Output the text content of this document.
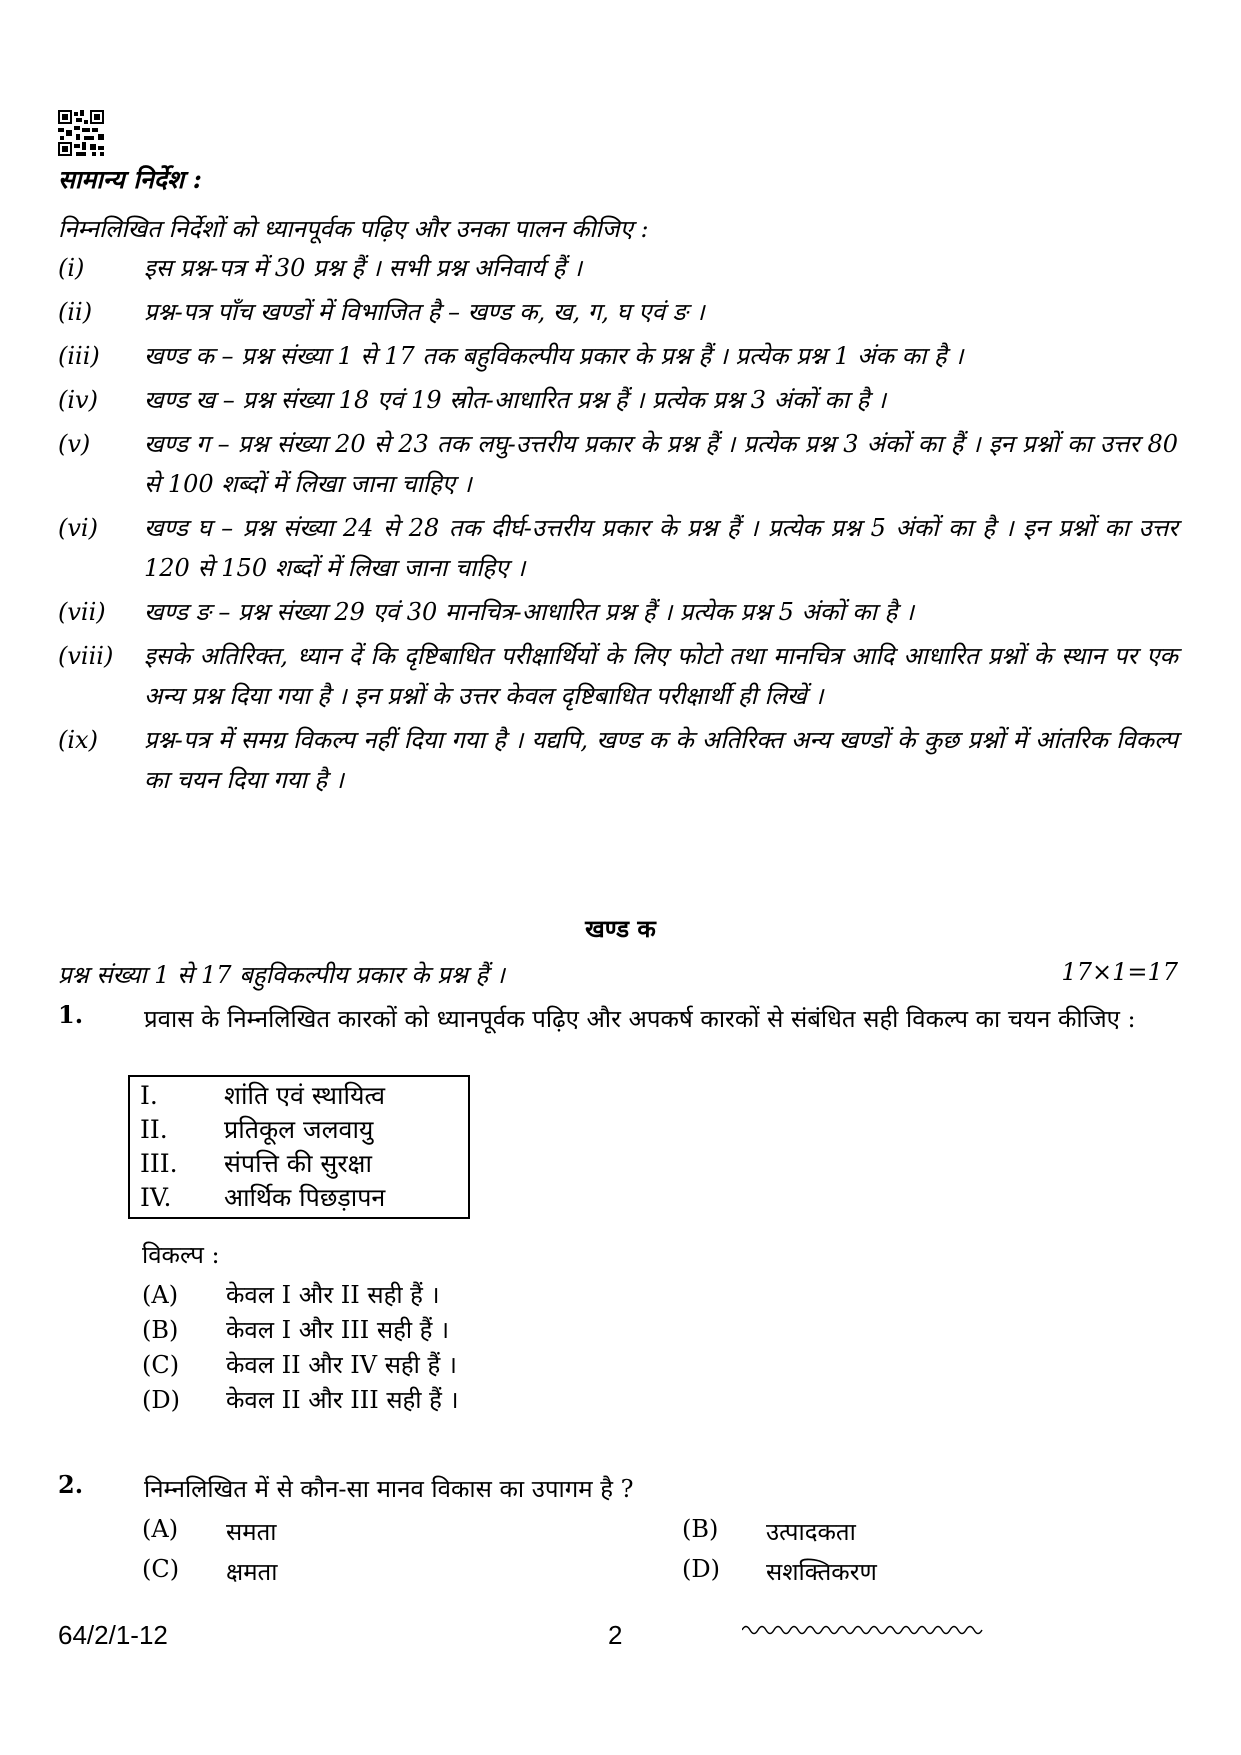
सामान्य निर्देश :
निम्नलिखित निर्देशों को ध्यानपूर्वक पढ़िए और उनका पालन कीजिए :
(i)	इस प्रश्न-पत्र में 30 प्रश्न हैं । सभी प्रश्न अनिवार्य हैं ।
(ii)	प्रश्न-पत्र पाँच खण्डों में विभाजित है – खण्ड क, ख, ग, घ एवं ङ ।
(iii)	खण्ड क – प्रश्न संख्या 1 से 17 तक बहुविकल्पीय प्रकार के प्रश्न हैं । प्रत्येक प्रश्न 1 अंक का है ।
(iv)	खण्ड ख – प्रश्न संख्या 18 एवं 19 स्रोत-आधारित प्रश्न हैं । प्रत्येक प्रश्न 3 अंकों का है ।
(v)	खण्ड ग – प्रश्न संख्या 20 से 23 तक लघु-उत्तरीय प्रकार के प्रश्न हैं । प्रत्येक प्रश्न 3 अंकों का हैं । इन प्रश्नों का उत्तर 80 से 100 शब्दों में लिखा जाना चाहिए ।
(vi)	खण्ड घ – प्रश्न संख्या 24 से 28 तक दीर्घ-उत्तरीय प्रकार के प्रश्न हैं । प्रत्येक प्रश्न 5 अंकों का है । इन प्रश्नों का उत्तर 120 से 150 शब्दों में लिखा जाना चाहिए ।
(vii)	खण्ड ङ – प्रश्न संख्या 29 एवं 30 मानचित्र-आधारित प्रश्न हैं । प्रत्येक प्रश्न 5 अंकों का है ।
(viii)	इसके अतिरिक्त, ध्यान दें कि दृष्टिबाधित परीक्षार्थियों के लिए फोटो तथा मानचित्र आदि आधारित प्रश्नों के स्थान पर एक अन्य प्रश्न दिया गया है । इन प्रश्नों के उत्तर केवल दृष्टिबाधित परीक्षार्थी ही लिखें ।
(ix)	प्रश्न-पत्र में समग्र विकल्प नहीं दिया गया है । यद्यपि, खण्ड क के अतिरिक्त अन्य खण्डों के कुछ प्रश्नों में आंतरिक विकल्प का चयन दिया गया है ।
खण्ड क
प्रश्न संख्या 1 से 17 बहुविकल्पीय प्रकार के प्रश्न हैं ।	17×1=17
1.	प्रवास के निम्नलिखित कारकों को ध्यानपूर्वक पढ़िए और अपकर्ष कारकों से संबंधित सही विकल्प का चयन कीजिए :
I.	शांति एवं स्थायित्व
II.	प्रतिकूल जलवायु
III.	संपत्ति की सुरक्षा
IV.	आर्थिक पिछड़ापन
विकल्प :
(A)	केवल I और II सही हैं ।
(B)	केवल I और III सही हैं ।
(C)	केवल II और IV सही हैं ।
(D)	केवल II और III सही हैं ।
2.	निम्नलिखित में से कौन-सा मानव विकास का उपागम है ?
(A)	समता	(B)	उत्पादकता
(C)	क्षमता	(D)	सशक्तिकरण
64/2/1-12	2
